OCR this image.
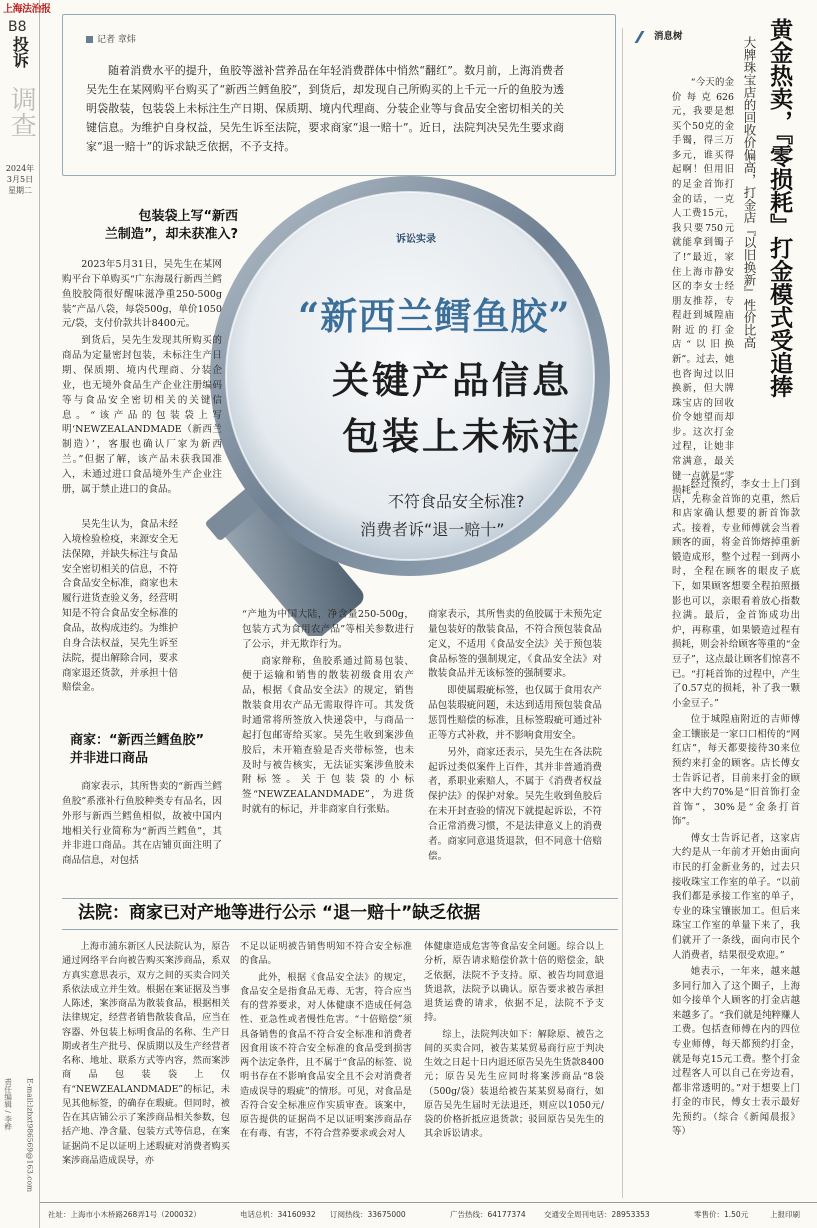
上海法治报
B8
投诉
调查
2024年
3月5日
星期二
责任编辑 / 李桦 E-mail:lzbxt986569@163.com
记者 章炜
随着消费水平的提升，鱼胶等滋补营养品在年轻消费群体中悄然“翻红”。数月前，上海消费者吴先生在某网购平台购买了“新西兰鳕鱼胶”，到货后，却发现自己所购买的上千元一斤的鱼胶为透明袋散装，包装袋上未标注生产日期、保质期、境内代理商、分装企业等与食品安全密切相关的关键信息。为维护自身权益，吴先生诉至法院，要求商家“退一赔十”。近日，法院判决吴先生要求商家“退一赔十”的诉求缺乏依据，不予支持。
诉讼实录
“新西兰鳕鱼胶”
关键产品信息
包装上未标注
不符食品安全标准?
消费者诉“退一赔十”
包装袋上写“新西
兰制造”，却未获准入?

2023年5月31日，吴先生在某网购平台下单购买“广东海晟行新西兰鳕鱼胶胶筒很好醒味滋净重250-500g装”产品八袋，每袋500g，单价1050元/袋，支付价款共计8400元。

到货后，吴先生发现其所购买的商品为定量密封包装，未标注生产日期、保质期、境内代理商、分装企业，也无境外食品生产企业注册编码等与食品安全密切相关的关键信息。“该产品的包装袋上写明‘NEWZEALANDMADE（新西兰制造）’，客服也确认厂家为新西兰。”但据了解，该产品未获我国准入，未通过进口食品境外生产企业注册，属于禁止进口的食品。

吴先生认为，食品未经入境检验检疫，来源安全无法保障，并缺失标注与食品安全密切相关的信息，不符合食品安全标准，商家也未履行进货查验义务，经营明知是不符合食品安全标准的食品，故构成违约。为维护自身合法权益，吴先生诉至法院，提出解除合同，要求商家退还货款，并承担十倍赔偿金。

商家：“新西兰鳕鱼胶”
并非进口商品

商家表示，其所售卖的“新西兰鳕鱼胶”系涨补行鱼胶种类专有品名，因外形与新西兰鳕鱼相似，故被中国内地相关行业简称为“新西兰鳕鱼”，其并非进口商品。其在店铺页面注明了商品信息，对包括

“产地为中国大陆，净含量250-500g，包装方式为食用农产品”等相关参数进行了公示，并无欺诈行为。

商家辩称，鱼胶系通过简易包装、便于运输和销售的散装初级食用农产品，根据《食品安全法》的规定，销售散装食用农产品无需取得许可。其发货时通常将所签放入快递袋中，与商品一起打包邮寄给买家。吴先生收到案涉鱼胶后，未开箱查验是否夹带标签，也未及时与被告核实，无法证实案涉鱼胶未附标签。关于包装袋的小标签“NEWZEALANDMADE”，为进货时就有的标记，并非商家自行张贴。

商家表示，其所售卖的鱼胶属于未预先定量包装好的散装食品，不符合预包装食品定义，不适用《食品安全法》关于预包装食品标签的强制规定，《食品安全法》对散装食品并无该标签的强制要求。

即使属瑕疵标签，也仅属于食用农产品包装瑕疵问题，未达到适用预包装食品惩罚性赔偿的标准，且标签瑕疵可通过补正等方式补救，并不影响食用安全。

另外，商家还表示，吴先生在各法院起诉过类似案件上百件，其并非普通消费者，系职业索赔人，不属于《消费者权益保护法》的保护对象。吴先生收到鱼胶后在未开封查验的情况下就提起诉讼，不符合正常消费习惯，不是法律意义上的消费者。商家同意退货退款，但不同意十倍赔偿。

法院：商家已对产地等进行公示 “退一赔十”缺乏依据

上海市浦东新区人民法院认为，原告通过网络平台向被告购买案涉商品，系双方真实意思表示，双方之间的买卖合同关系依法成立并生效。根据在案证据及当事人陈述，案涉商品为散装食品，根据相关法律规定，经营者销售散装食品，应当在容器、外包装上标明食品的名称、生产日期或者生产批号、保质期以及生产经营者名称、地址、联系方式等内容，然而案涉商品包装袋上仅有“NEWZEALANDMADE”的标记，未见其他标签，的确存在瑕疵。但同时，被告在其店铺公示了案涉商品相关参数，包括产地、净含量、包装方式等信息，在案证据尚不足以证明上述瑕疵对消费者购买案涉商品造成误导，亦

不足以证明被告销售明知不符合安全标准的食品。

此外，根据《食品安全法》的规定，食品安全是指食品无毒、无害，符合应当有的营养要求，对人体健康不造成任何急性、亚急性或者慢性危害。“十倍赔偿”须具备销售的食品不符合安全标准和消费者因食用该不符合安全标准的食品受到损害两个法定条件，且不属于“食品的标签、说明书存在不影响食品安全且不会对消费者造成误导的瑕疵”的情形。可见，对食品是否符合安全标准应作实质审查。该案中，原告提供的证据尚不足以证明案涉商品存在有毒、有害，不符合营养要求或会对人

体健康造成危害等食品安全问题。综合以上分析，原告请求赔偿价款十倍的赔偿金，缺乏依据，法院不予支持。原、被告均同意退货退款，法院予以确认。原告要求被告承担退货运费的请求，依据不足，法院不予支持。

综上，法院判决如下：解除原、被告之间的买卖合同，被告某某贸易商行应于判决生效之日起十日内退还原告吴先生货款8400元；原告吴先生应同时将案涉商品“8袋（500g/袋）装退给被告某某贸易商行，如原告吴先生届时无法退还，则应以1050元/袋的价格折抵应退货款；驳回原告吴先生的其余诉讼请求。

消息树	黄金热卖，『零损耗』打金模式受追捧
大牌珠宝店的回收价偏高，打金店『以旧换新』性价比高

“今天的金价每克626元，我要是想买个50克的金手镯，得三万多元，谁买得起啊！但用旧的足金首饰打金的话，一克人工费15元，我只要750元就能拿到镯子了!”最近，家住上海市静安区的李女士经朋友推荐，专程赶到城隍庙附近的打金店“以旧换新”。过去，她也咨询过以旧换新，但大牌珠宝店的回收价令她望而却步。这次打金过程，让她非常满意，最关键一点就是“零损耗”。

经过预约，李女士上门到店，先称金首饰的克重，然后和店家确认想要的新首饰款式。接着，专业师傅就会当着顾客的面，将金首饰熔掉重新锻造成形，整个过程一到两小时，全程在顾客的眼皮子底下，如果顾客想要全程拍照摄影也可以，亲眼看着放心指数拉满。最后，金首饰成功出炉，再称重，如果锻造过程有损耗，则会补给顾客等重的“金豆子”，这点最让顾客们惊喜不已。“打耗首饰的过程中，产生了0.57克的损耗，补了我一颗小金豆子。”

位于城隍庙附近的吉师傅金工镶嵌是一家口口相传的“网红店”，每天都要接待30来位预约来打金的顾客。店长傅女士告诉记者，目前来打金的顾客中大约70%是“旧首饰打金首饰”，30%是“金条打首饰”。

傅女士告诉记者，这家店大约是从一年前才开始由面向市民的打金新业务的，过去只接收珠宝工作室的单子。“以前我们都是承接工作室的单子，专业的珠宝镶嵌加工。但后来珠宝工作室的单量下来了，我们就开了一条线，面向市民个人消费者，结果很受欢迎。”

她表示，一年来，越来越多同行加入了这个圈子，上海如今接单个人顾客的打金店越来越多了。“我们就是纯粹赚人工费。包括查师傅在内的四位专业师傅，每天都预约打金，就是每克15元工费。整个打金过程客人可以自己在旁边看，都非常透明的。”对于想要上门打金的市民，傅女士表示最好先预约。（综合《新闻晨报》等）

社址：上海市小木桥路268弄1号（200032）	电话总机：34160932 订阅热线：33675000	广告热线：64177374 交通安全周刊电话：28953353	零售价：1.50元	上报印刷
